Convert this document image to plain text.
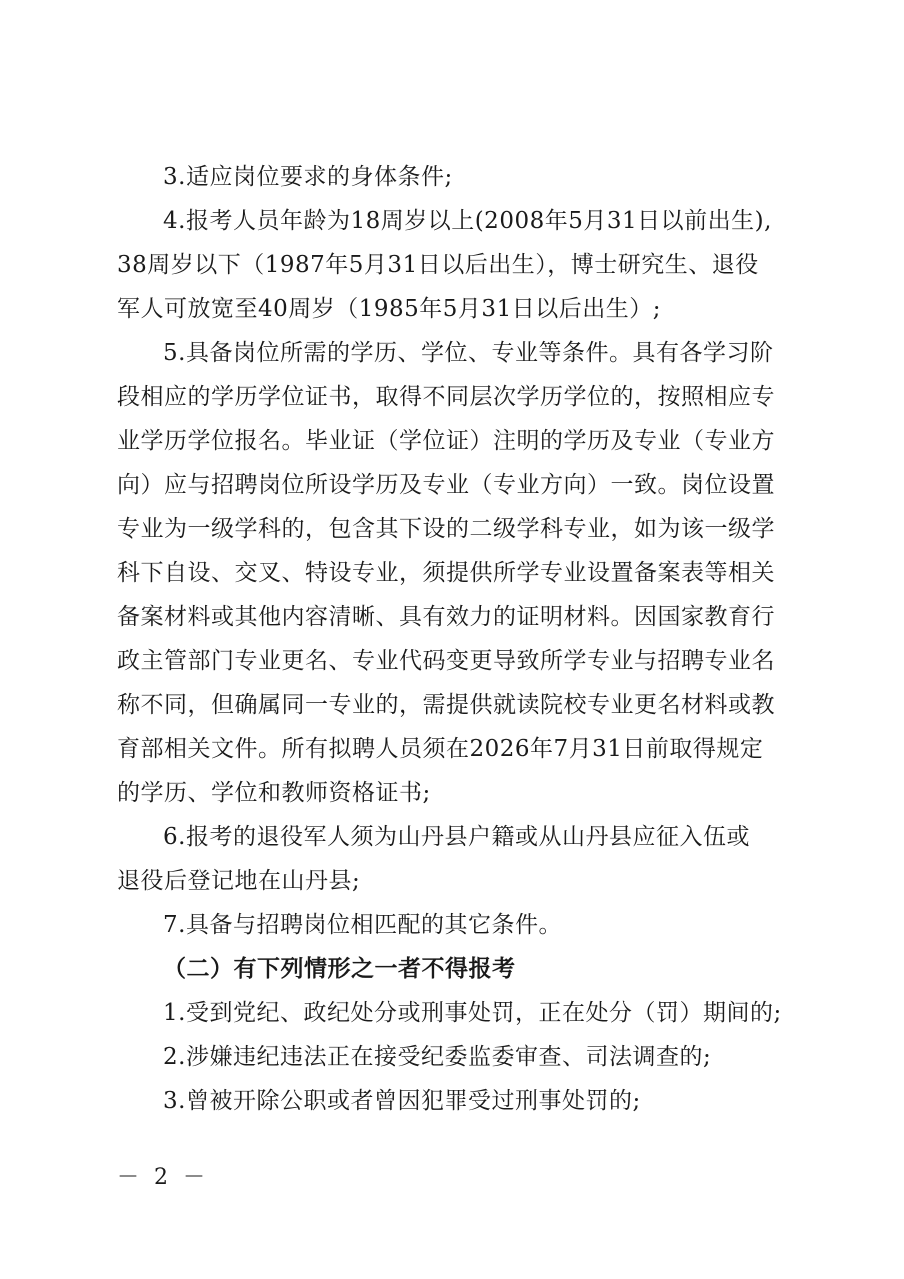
3.适应岗位要求的身体条件;
4.报考人员年龄为18周岁以上(2008年5月31日以前出生),
38周岁以下（1987年5月31日以后出生），博士研究生、退役
军人可放宽至40周岁（1985年5月31日以后出生）;
5.具备岗位所需的学历、学位、专业等条件。具有各学习阶
段相应的学历学位证书，取得不同层次学历学位的，按照相应专
业学历学位报名。毕业证（学位证）注明的学历及专业（专业方
向）应与招聘岗位所设学历及专业（专业方向）一致。岗位设置
专业为一级学科的，包含其下设的二级学科专业，如为该一级学
科下自设、交叉、特设专业，须提供所学专业设置备案表等相关
备案材料或其他内容清晰、具有效力的证明材料。因国家教育行
政主管部门专业更名、专业代码变更导致所学专业与招聘专业名
称不同，但确属同一专业的，需提供就读院校专业更名材料或教
育部相关文件。所有拟聘人员须在2026年7月31日前取得规定
的学历、学位和教师资格证书;
6.报考的退役军人须为山丹县户籍或从山丹县应征入伍或
退役后登记地在山丹县;
7.具备与招聘岗位相匹配的其它条件。
（二）有下列情形之一者不得报考
1.受到党纪、政纪处分或刑事处罚，正在处分（罚）期间的;
2.涉嫌违纪违法正在接受纪委监委审查、司法调查的;
3.曾被开除公职或者曾因犯罪受过刑事处罚的;
－ 2 －
